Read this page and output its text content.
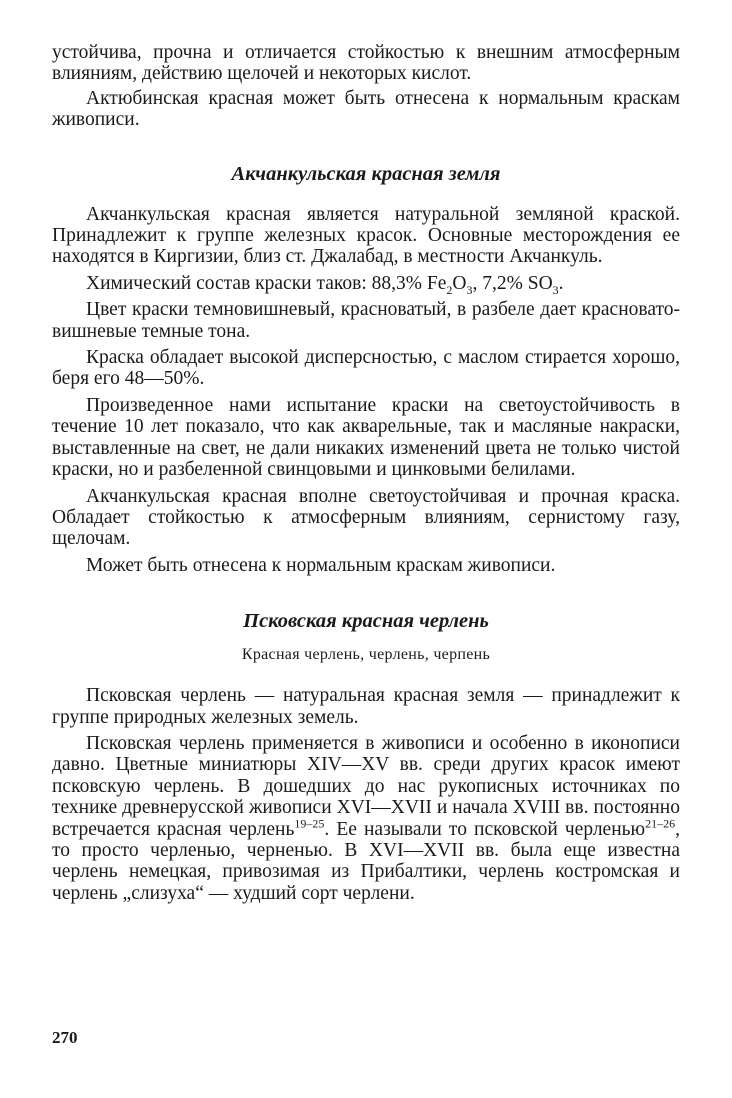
устойчива, прочна и отличается стойкостью к внешним атмосферным влияниям, действию щелочей и некоторых кислот.

Актюбинская красная может быть отнесена к нормальным краскам живописи.

Акчанкульская красная земля

Акчанкульская красная является натуральной земляной краской. Принадлежит к группе железных красок. Основные месторождения ее находятся в Киргизии, близ ст. Джалабад, в местности Акчанкуль.

Химический состав краски таков: 88,3% $Fe_2O_3$, 7,2% $SO_3$.

Цвет краски темновишневый, красноватый, в разбеле дает красновато-вишневые темные тона.

Краска обладает высокой дисперсностью, с маслом стирается хорошо, беря его 48—50%.

Произведенное нами испытание краски на светоустойчивость в течение 10 лет показало, что как акварельные, так и масляные накраски, выставленные на свет, не дали никаких изменений цвета не только чистой краски, но и разбеленной свинцовыми и цинковыми белилами.

Акчанкульская красная вполне светоустойчивая и прочная краска. Обладает стойкостью к атмосферным влияниям, сернистому газу, щелочам.

Может быть отнесена к нормальным краскам живописи.

Псковская красная черлень
Красная черлень, черлень, черпень

Псковская черлень — натуральная красная земля — принадлежит к группе природных железных земель.

Псковская черлень применяется в живописи и особенно в иконописи давно. Цветные миниатюры XIV—XV вв. среди других красок имеют псковскую черлень. В дошедших до нас рукописных источниках по технике древнерусской живописи XVI—XVII и начала XVIII вв. постоянно встречается красная черлень$^{19-25}$. Ее называли то псковской черленью$^{21-26}$, то просто черленью, черненью. В XVI—XVII вв. была еще известна черлень немецкая, привозимая из Прибалтики, черлень костромская и черлень „слизуха“ — худший сорт черлени.

270
